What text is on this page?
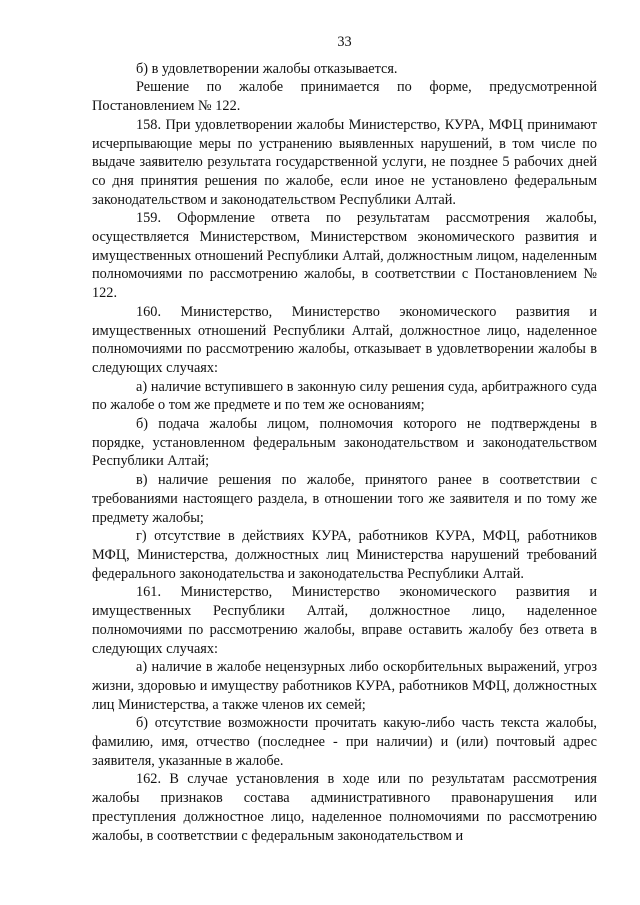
33

б) в удовлетворении жалобы отказывается.

Решение по жалобе принимается по форме, предусмотренной Постановлением № 122.

158. При удовлетворении жалобы Министерство, КУРА, МФЦ принимают исчерпывающие меры по устранению выявленных нарушений, в том числе по выдаче заявителю результата государственной услуги, не позднее 5 рабочих дней со дня принятия решения по жалобе, если иное не установлено федеральным законодательством и законодательством Республики Алтай.

159. Оформление ответа по результатам рассмотрения жалобы, осуществляется Министерством, Министерством экономического развития и имущественных отношений Республики Алтай, должностным лицом, наделенным полномочиями по рассмотрению жалобы, в соответствии с Постановлением № 122.

160. Министерство, Министерство экономического развития и имущественных отношений Республики Алтай, должностное лицо, наделенное полномочиями по рассмотрению жалобы, отказывает в удовлетворении жалобы в следующих случаях:

а) наличие вступившего в законную силу решения суда, арбитражного суда по жалобе о том же предмете и по тем же основаниям;

б) подача жалобы лицом, полномочия которого не подтверждены в порядке, установленном федеральным законодательством и законодательством Республики Алтай;

в) наличие решения по жалобе, принятого ранее в соответствии с требованиями настоящего раздела, в отношении того же заявителя и по тому же предмету жалобы;

г) отсутствие в действиях КУРА, работников КУРА, МФЦ, работников МФЦ, Министерства, должностных лиц Министерства нарушений требований федерального законодательства и законодательства Республики Алтай.

161. Министерство, Министерство экономического развития и имущественных Республики Алтай, должностное лицо, наделенное полномочиями по рассмотрению жалобы, вправе оставить жалобу без ответа в следующих случаях:

а) наличие в жалобе нецензурных либо оскорбительных выражений, угроз жизни, здоровью и имуществу работников КУРА, работников МФЦ, должностных лиц Министерства, а также членов их семей;

б) отсутствие возможности прочитать какую-либо часть текста жалобы, фамилию, имя, отчество (последнее - при наличии) и (или) почтовый адрес заявителя, указанные в жалобе.

162. В случае установления в ходе или по результатам рассмотрения жалобы признаков состава административного правонарушения или преступления должностное лицо, наделенное полномочиями по рассмотрению жалобы, в соответствии с федеральным законодательством и
